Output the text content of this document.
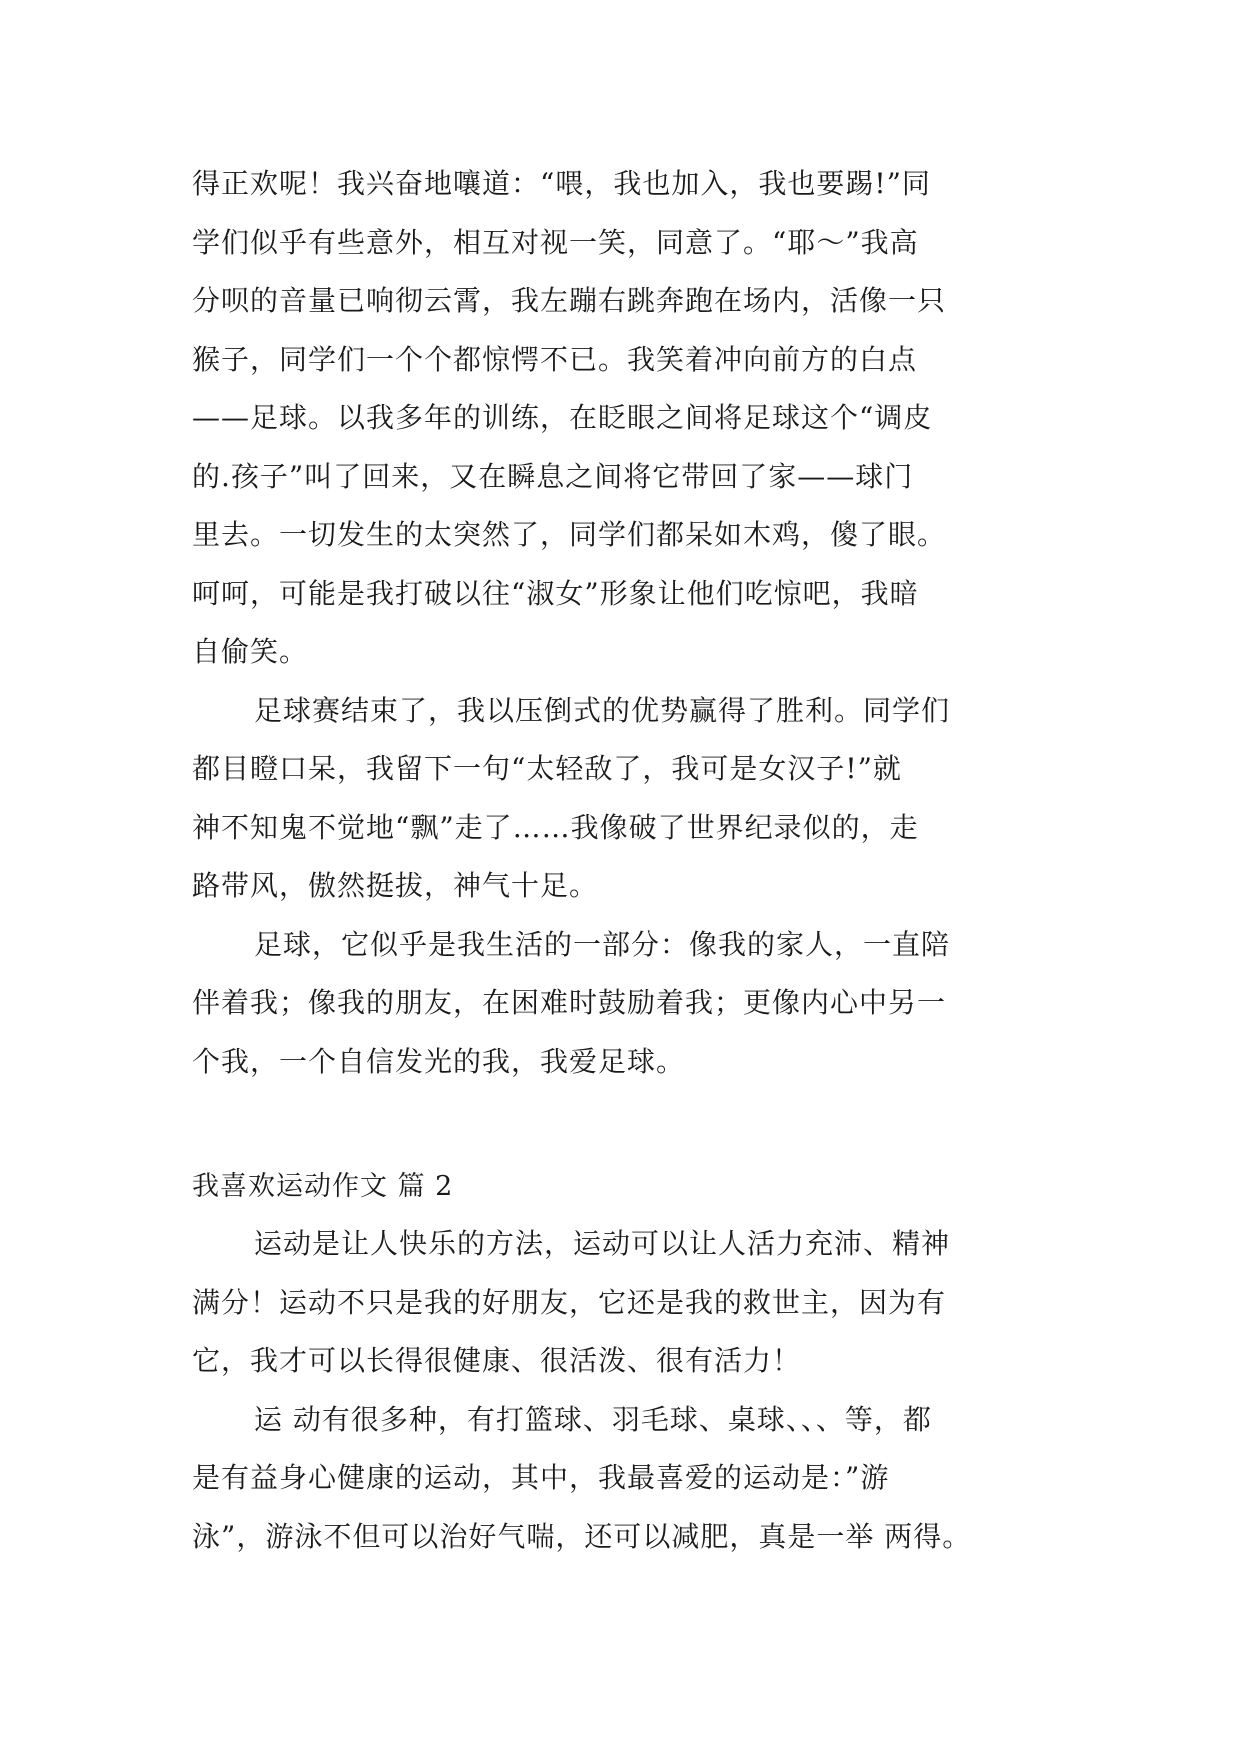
得正欢呢！我兴奋地嚷道：“喂，我也加入，我也要踢!”同
学们似乎有些意外，相互对视一笑，同意了。“耶～”我高
分呗的音量已响彻云霄，我左蹦右跳奔跑在场内，活像一只
猴子，同学们一个个都惊愕不已。我笑着冲向前方的白点
——足球。以我多年的训练，在眨眼之间将足球这个“调皮
的.孩子”叫了回来，又在瞬息之间将它带回了家——球门
里去。一切发生的太突然了，同学们都呆如木鸡，傻了眼。
呵呵，可能是我打破以往“淑女”形象让他们吃惊吧，我暗
自偷笑。
足球赛结束了，我以压倒式的优势赢得了胜利。同学们
都目瞪口呆，我留下一句“太轻敌了，我可是女汉子!”就
神不知鬼不觉地“飘”走了……我像破了世界纪录似的，走
路带风，傲然挺拔，神气十足。
足球，它似乎是我生活的一部分：像我的家人，一直陪
伴着我；像我的朋友，在困难时鼓励着我；更像内心中另一
个我，一个自信发光的我，我爱足球。
我喜欢运动作文 篇 2
运动是让人快乐的方法，运动可以让人活力充沛、精神
满分！运动不只是我的好朋友，它还是我的救世主，因为有
它，我才可以长得很健康、很活泼、很有活力！
运 动有很多种，有打篮球、羽毛球、桌球、、、等，都
是有益身心健康的运动，其中，我最喜爱的运动是：”游
泳”，游泳不但可以治好气喘，还可以减肥，真是一举 两得。
